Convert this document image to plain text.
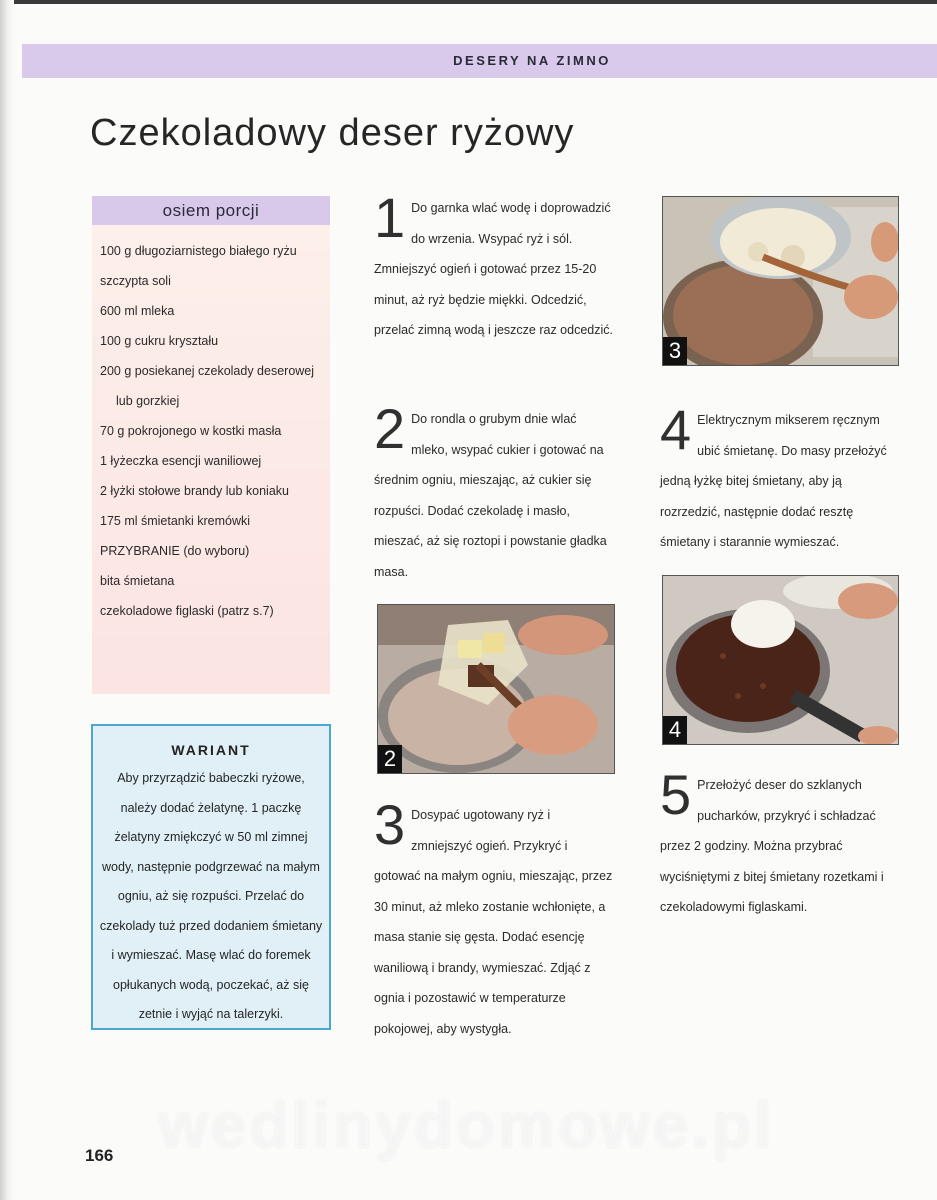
DESERY NA ZIMNO
Czekoladowy deser ryżowy
osiem porcji
100 g długoziarnistego białego ryżu
szczypta soli
600 ml mleka
100 g cukru kryształu
200 g posiekanej czekolady deserowej
lub gorzkiej
70 g pokrojonego w kostki masła
1 łyżeczka esencji waniliowej
2 łyżki stołowe brandy lub koniaku
175 ml śmietanki kremówki
PRZYBRANIE (do wyboru)
bita śmietana
czekoladowe figlaski (patrz s.7)
WARIANT
Aby przyrządzić babeczki ryżowe, należy dodać żelatynę. 1 paczkę żelatyny zmiękczyć w 50 ml zimnej wody, następnie podgrzewać na małym ogniu, aż się rozpuści. Przelać do czekolady tuż przed dodaniem śmietany i wymieszać. Masę wlać do foremek opłukanych wodą, poczekać, aż się zetnie i wyjąć na talerzyki.
1 Do garnka wlać wodę i doprowadzić do wrzenia. Wsypać ryż i sól. Zmniejszyć ogień i gotować przez 15-20 minut, aż ryż będzie miękki. Odcedzić, przelać zimną wodą i jeszcze raz odcedzić.

2 Do rondla o grubym dnie wlać mleko, wsypać cukier i gotować na średnim ogniu, mieszając, aż cukier się rozpuści. Dodać czekoladę i masło, mieszać, aż się roztopi i powstanie gładka masa.

3 Dosypać ugotowany ryż i zmniejszyć ogień. Przykryć i gotować na małym ogniu, mieszając, przez 30 minut, aż mleko zostanie wchłonięte, a masa stanie się gęsta. Dodać esencję waniliową i brandy, wymieszać. Zdjąć z ognia i pozostawić w temperaturze pokojowej, aby wystygła.

4 Elektrycznym mikserem ręcznym ubić śmietanę. Do masy przełożyć jedną łyżkę bitej śmietany, aby ją rozrzedzić, następnie dodać resztę śmietany i starannie wymieszać.

5 Przełożyć deser do szklanych pucharków, przykryć i schładzać przez 2 godziny. Można przybrać wyciśniętymi z bitej śmietany rozetkami i czekoladowymi figlaskami.

3
2
4
wedlinydomowe.pl
166
